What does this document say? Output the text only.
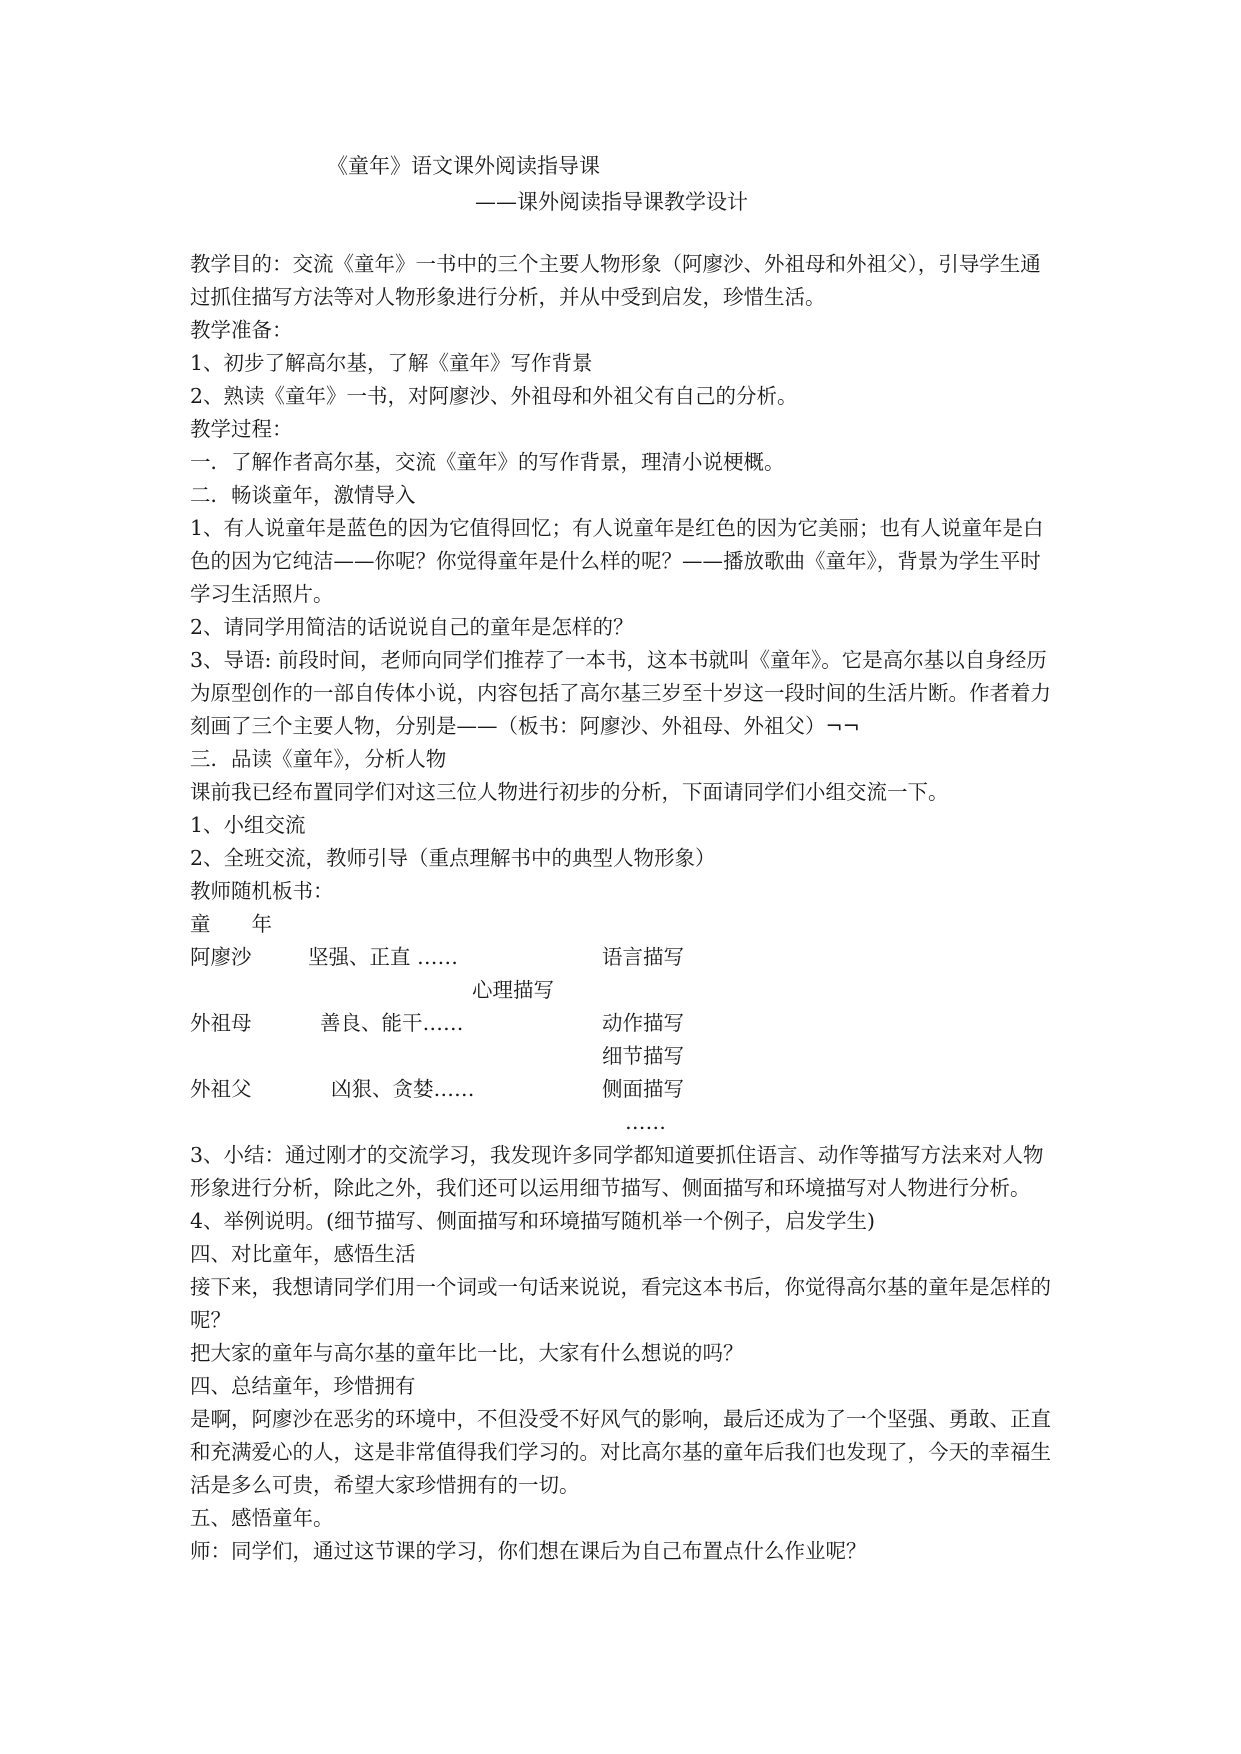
《童年》语文课外阅读指导课
——课外阅读指导课教学设计

教学目的：交流《童年》一书中的三个主要人物形象（阿廖沙、外祖母和外祖父），引导学生通过抓住描写方法等对人物形象进行分析，并从中受到启发，珍惜生活。

教学准备：

1、初步了解高尔基，了解《童年》写作背景

2、熟读《童年》一书，对阿廖沙、外祖母和外祖父有自己的分析。

教学过程：

一．了解作者高尔基，交流《童年》的写作背景，理清小说梗概。

二．畅谈童年，激情导入

1、有人说童年是蓝色的因为它值得回忆；有人说童年是红色的因为它美丽；也有人说童年是白色的因为它纯洁——你呢？你觉得童年是什么样的呢？——播放歌曲《童年》，背景为学生平时学习生活照片。

2、请同学用简洁的话说说自己的童年是怎样的？

3、导语: 前段时间，老师向同学们推荐了一本书，这本书就叫《童年》。它是高尔基以自身经历为原型创作的一部自传体小说，内容包括了高尔基三岁至十岁这一段时间的生活片断。作者着力刻画了三个主要人物，分别是——（板书：阿廖沙、外祖母、外祖父）¬¬

三．品读《童年》，分析人物

课前我已经布置同学们对这三位人物进行初步的分析，下面请同学们小组交流一下。

1、小组交流

2、全班交流，教师引导（重点理解书中的典型人物形象）

教师随机板书：

童　　年
阿廖沙	坚强、正直 ……	语言描写
心理描写
外祖母	善良、能干……	动作描写
细节描写
外祖父	凶狠、贪婪……	侧面描写
……

3、小结：通过刚才的交流学习，我发现许多同学都知道要抓住语言、动作等描写方法来对人物形象进行分析，除此之外，我们还可以运用细节描写、侧面描写和环境描写对人物进行分析。

4、举例说明。(细节描写、侧面描写和环境描写随机举一个例子，启发学生)

四、对比童年，感悟生活

接下来，我想请同学们用一个词或一句话来说说，看完这本书后，你觉得高尔基的童年是怎样的呢？

把大家的童年与高尔基的童年比一比，大家有什么想说的吗？

四、总结童年，珍惜拥有

是啊，阿廖沙在恶劣的环境中，不但没受不好风气的影响，最后还成为了一个坚强、勇敢、正直和充满爱心的人，这是非常值得我们学习的。对比高尔基的童年后我们也发现了，今天的幸福生活是多么可贵，希望大家珍惜拥有的一切。

五、感悟童年。

师：同学们，通过这节课的学习，你们想在课后为自己布置点什么作业呢？
